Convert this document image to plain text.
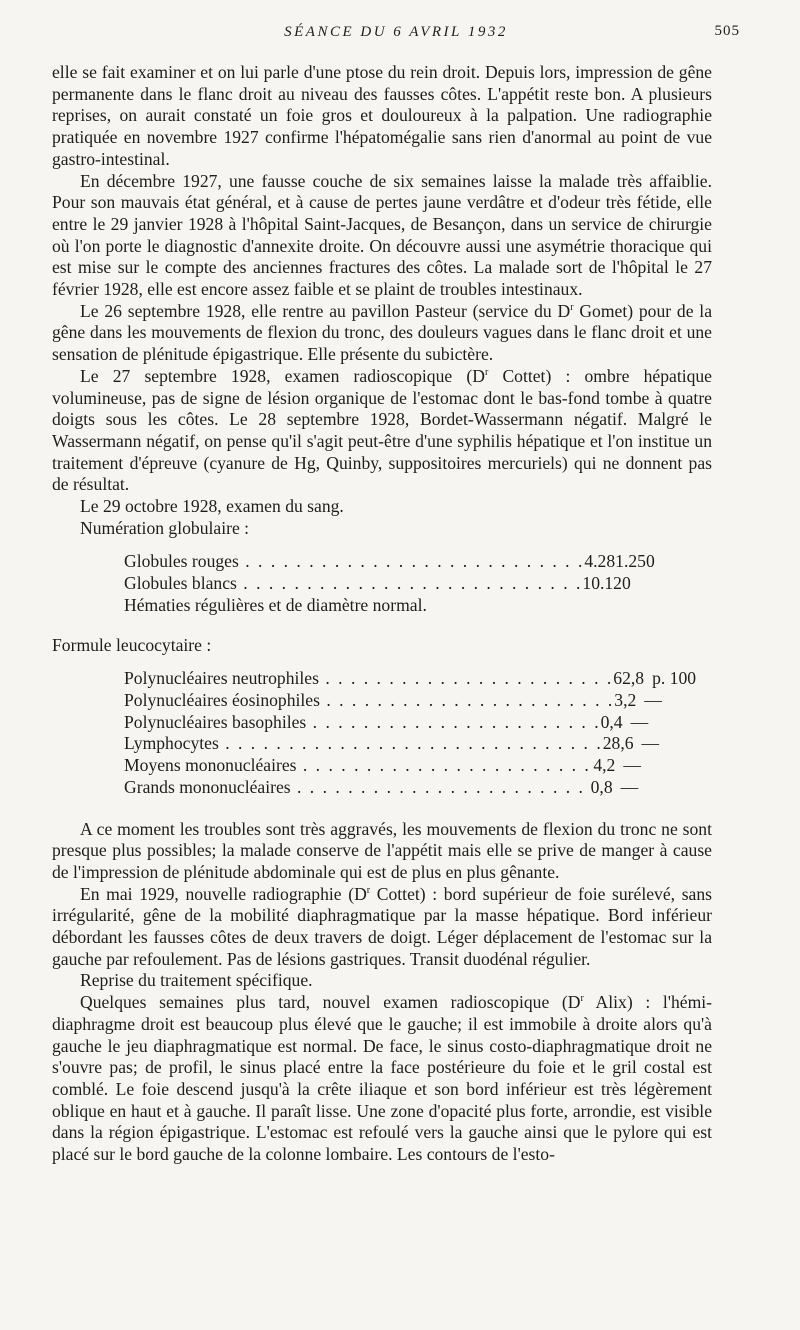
SÉANCE DU 6 AVRIL 1932	505

elle se fait examiner et on lui parle d'une ptose du rein droit. Depuis lors, impression de gêne permanente dans le flanc droit au niveau des fausses côtes. L'appétit reste bon. A plusieurs reprises, on aurait constaté un foie gros et douloureux à la palpation. Une radiographie pratiquée en novembre 1927 confirme l'hépatomégalie sans rien d'anormal au point de vue gastro-intestinal.

En décembre 1927, une fausse couche de six semaines laisse la malade très affaiblie. Pour son mauvais état général, et à cause de pertes jaune verdâtre et d'odeur très fétide, elle entre le 29 janvier 1928 à l'hôpital Saint-Jacques, de Besançon, dans un service de chirurgie où l'on porte le diagnostic d'annexite droite. On découvre aussi une asymétrie thoracique qui est mise sur le compte des anciennes fractures des côtes. La malade sort de l'hôpital le 27 février 1928, elle est encore assez faible et se plaint de troubles intestinaux.

Le 26 septembre 1928, elle rentre au pavillon Pasteur (service du $D^r$ Gomet) pour de la gêne dans les mouvements de flexion du tronc, des douleurs vagues dans le flanc droit et une sensation de plénitude épigastrique. Elle présente du subictère.

Le 27 septembre 1928, examen radioscopique ($D^r$ Cottet) : ombre hépatique volumineuse, pas de signe de lésion organique de l'estomac dont le bas-fond tombe à quatre doigts sous les côtes. Le 28 septembre 1928, Bordet-Wassermann négatif. Malgré le Wassermann négatif, on pense qu'il s'agit peut-être d'une syphilis hépatique et l'on institue un traitement d'épreuve (cyanure de Hg, Quinby, suppositoires mercuriels) qui ne donnent pas de résultat.

Le 29 octobre 1928, examen du sang.

Numération globulaire :

Globules rouges . . . . . . . . . . . . . . . . . . . . . . . . . . . 4.281.250
Globules blancs . . . . . . . . . . . . . . . . . . . . . . . . . . . 10.120
Hématies régulières et de diamètre normal.

Formule leucocytaire :

Polynucléaires neutrophiles . . . . . . . . . . . . . . . . . . . . . . . 62,8 p. 100
Polynucléaires éosinophiles . . . . . . . . . . . . . . . . . . . . . . . 3,2 —
Polynucléaires basophiles . . . . . . . . . . . . . . . . . . . . . . . 0,4 —
Lymphocytes . . . . . . . . . . . . . . . . . . . . . . . . . . . . . . 28,6 —
Moyens mononucléaires . . . . . . . . . . . . . . . . . . . . . . . 4,2 —
Grands mononucléaires . . . . . . . . . . . . . . . . . . . . . . . 0,8 —

A ce moment les troubles sont très aggravés, les mouvements de flexion du tronc ne sont presque plus possibles; la malade conserve de l'appétit mais elle se prive de manger à cause de l'impression de plénitude abdominale qui est de plus en plus gênante.

En mai 1929, nouvelle radiographie ($D^r$ Cottet) : bord supérieur de foie surélevé, sans irrégularité, gêne de la mobilité diaphragmatique par la masse hépatique. Bord inférieur débordant les fausses côtes de deux travers de doigt. Léger déplacement de l'estomac sur la gauche par refoulement. Pas de lésions gastriques. Transit duodénal régulier.

Reprise du traitement spécifique.

Quelques semaines plus tard, nouvel examen radioscopique ($D^r$ Alix) : l'hémi-diaphragme droit est beaucoup plus élevé que le gauche; il est immobile à droite alors qu'à gauche le jeu diaphragmatique est normal. De face, le sinus costo-diaphragmatique droit ne s'ouvre pas; de profil, le sinus placé entre la face postérieure du foie et le gril costal est comblé. Le foie descend jusqu'à la crête iliaque et son bord inférieur est très légèrement oblique en haut et à gauche. Il paraît lisse. Une zone d'opacité plus forte, arrondie, est visible dans la région épigastrique. L'estomac est refoulé vers la gauche ainsi que le pylore qui est placé sur le bord gauche de la colonne lombaire. Les contours de l'esto-
